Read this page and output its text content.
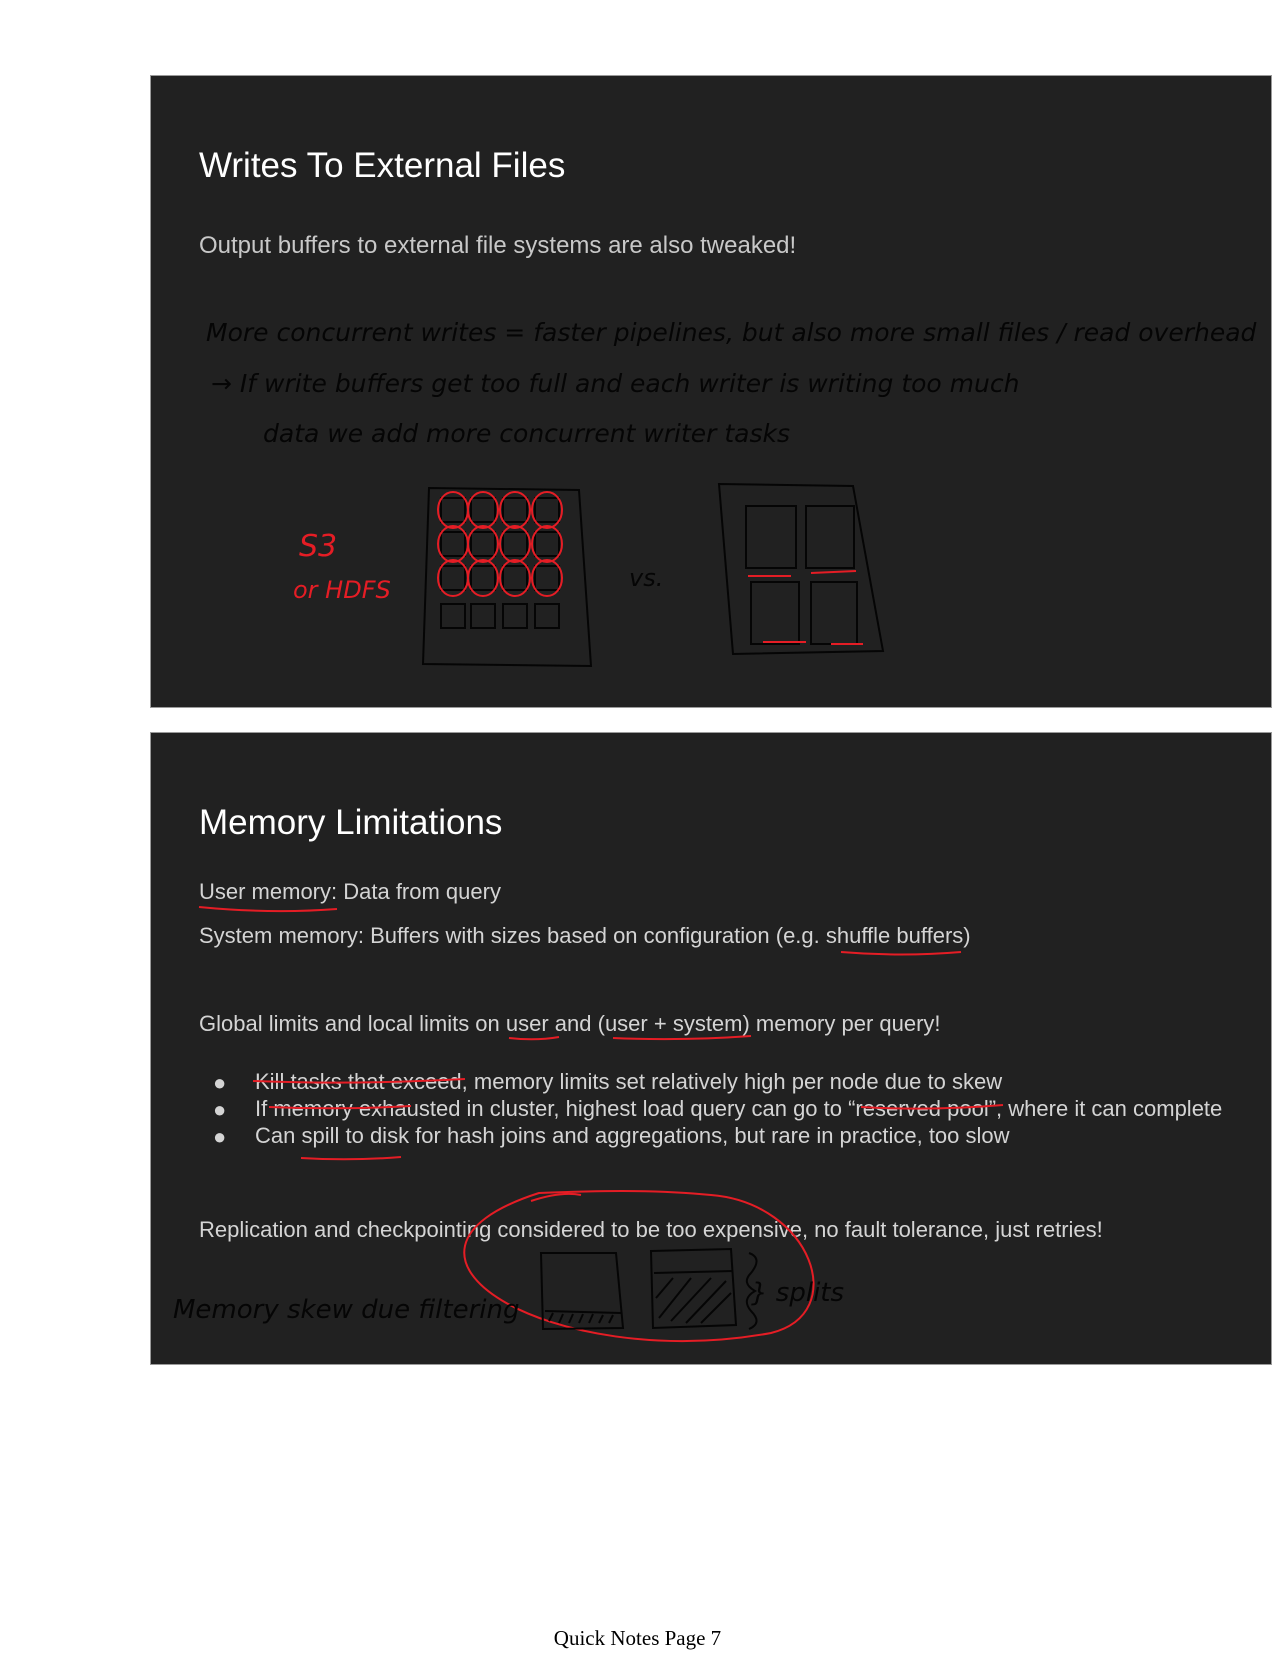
Writes To External Files
Output buffers to external file systems are also tweaked!
More concurrent writes = faster pipelines, but also more small files / read overhead
→ If write buffers get too full and each writer is writing too much
data we add more concurrent writer tasks
S3
or HDFS	vs.
Memory Limitations
User memory: Data from query
System memory: Buffers with sizes based on configuration (e.g. shuffle buffers)
Global limits and local limits on user and (user + system) memory per query!
● Kill tasks that exceed, memory limits set relatively high per node due to skew
● If memory exhausted in cluster, highest load query can go to “reserved pool”, where it can complete
● Can spill to disk for hash joins and aggregations, but rare in practice, too slow
Replication and checkpointing considered to be too expensive, no fault tolerance, just retries!
Memory skew due filtering
} splits
Quick Notes Page 7
